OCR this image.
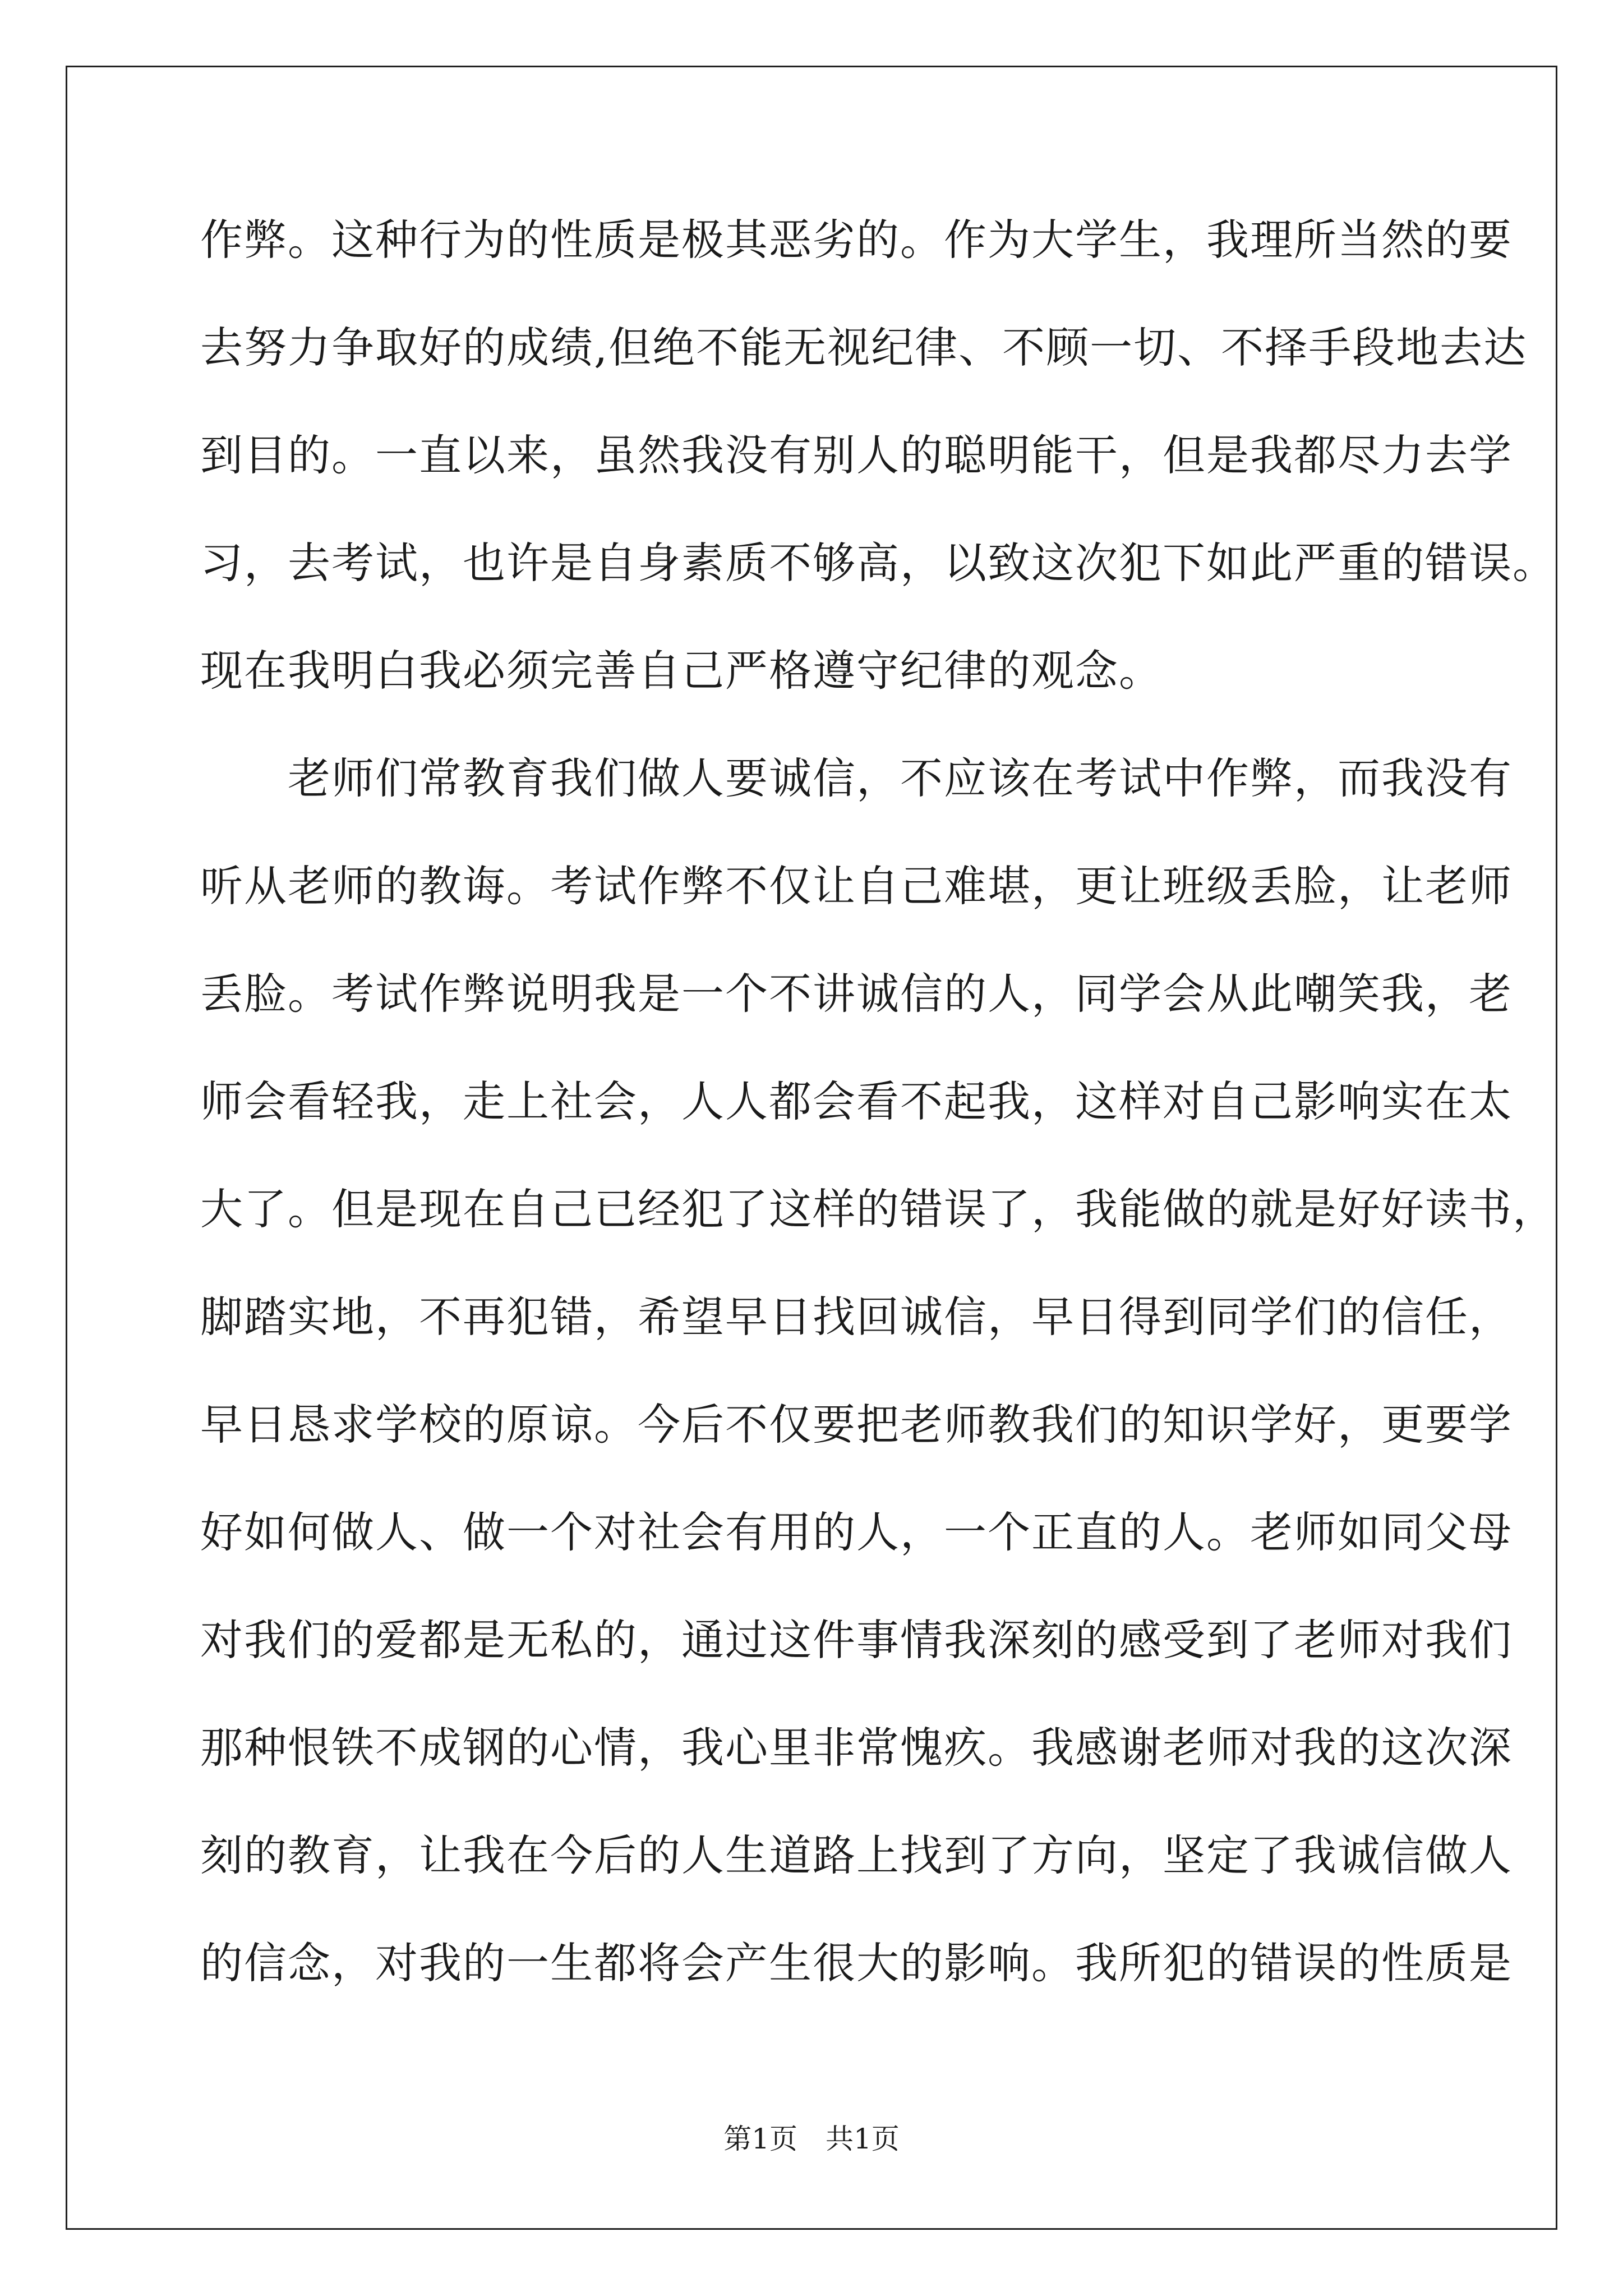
作弊。这种行为的性质是极其恶劣的。作为大学生，我理所当然的要
去努力争取好的成绩,但绝不能无视纪律、不顾一切、不择手段地去达
到目的。一直以来，虽然我没有别人的聪明能干，但是我都尽力去学
习，去考试，也许是自身素质不够高，以致这次犯下如此严重的错误。
现在我明白我必须完善自己严格遵守纪律的观念。
　　老师们常教育我们做人要诚信，不应该在考试中作弊，而我没有
听从老师的教诲。考试作弊不仅让自己难堪，更让班级丢脸，让老师
丢脸。考试作弊说明我是一个不讲诚信的人，同学会从此嘲笑我，老
师会看轻我，走上社会，人人都会看不起我，这样对自己影响实在太
大了。但是现在自己已经犯了这样的错误了，我能做的就是好好读书，
脚踏实地，不再犯错，希望早日找回诚信，早日得到同学们的信任，
早日恳求学校的原谅。今后不仅要把老师教我们的知识学好，更要学
好如何做人、做一个对社会有用的人，一个正直的人。老师如同父母
对我们的爱都是无私的，通过这件事情我深刻的感受到了老师对我们
那种恨铁不成钢的心情，我心里非常愧疚。我感谢老师对我的这次深
刻的教育，让我在今后的人生道路上找到了方向，坚定了我诚信做人
的信念，对我的一生都将会产生很大的影响。我所犯的错误的性质是
第1页　共1页
